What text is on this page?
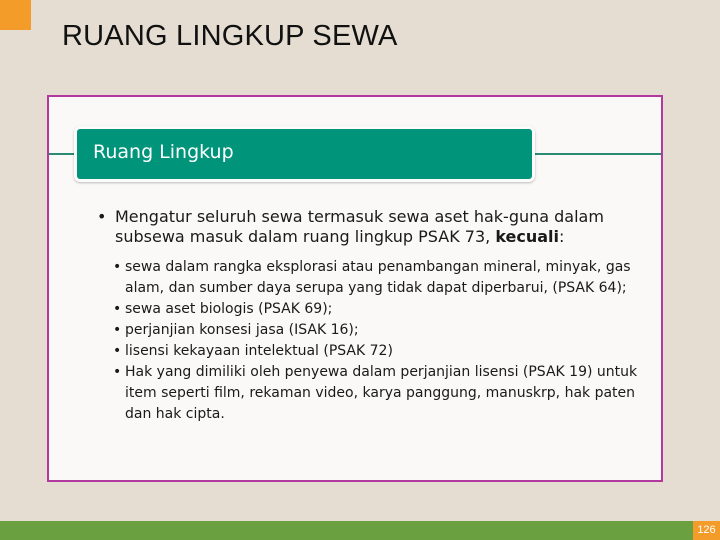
RUANG LINGKUP SEWA
Ruang Lingkup
• Mengatur seluruh sewa termasuk sewa aset hak-guna dalam subsewa masuk dalam ruang lingkup PSAK 73, kecuali:
• sewa dalam rangka eksplorasi atau penambangan mineral, minyak, gas alam, dan sumber daya serupa yang tidak dapat diperbarui, (PSAK 64);
• sewa aset biologis (PSAK 69);
• perjanjian konsesi jasa (ISAK 16);
• lisensi kekayaan intelektual (PSAK 72)
• Hak yang dimiliki oleh penyewa dalam perjanjian lisensi (PSAK 19) untuk item seperti film, rekaman video, karya panggung, manuskrp, hak paten dan hak cipta.
126
